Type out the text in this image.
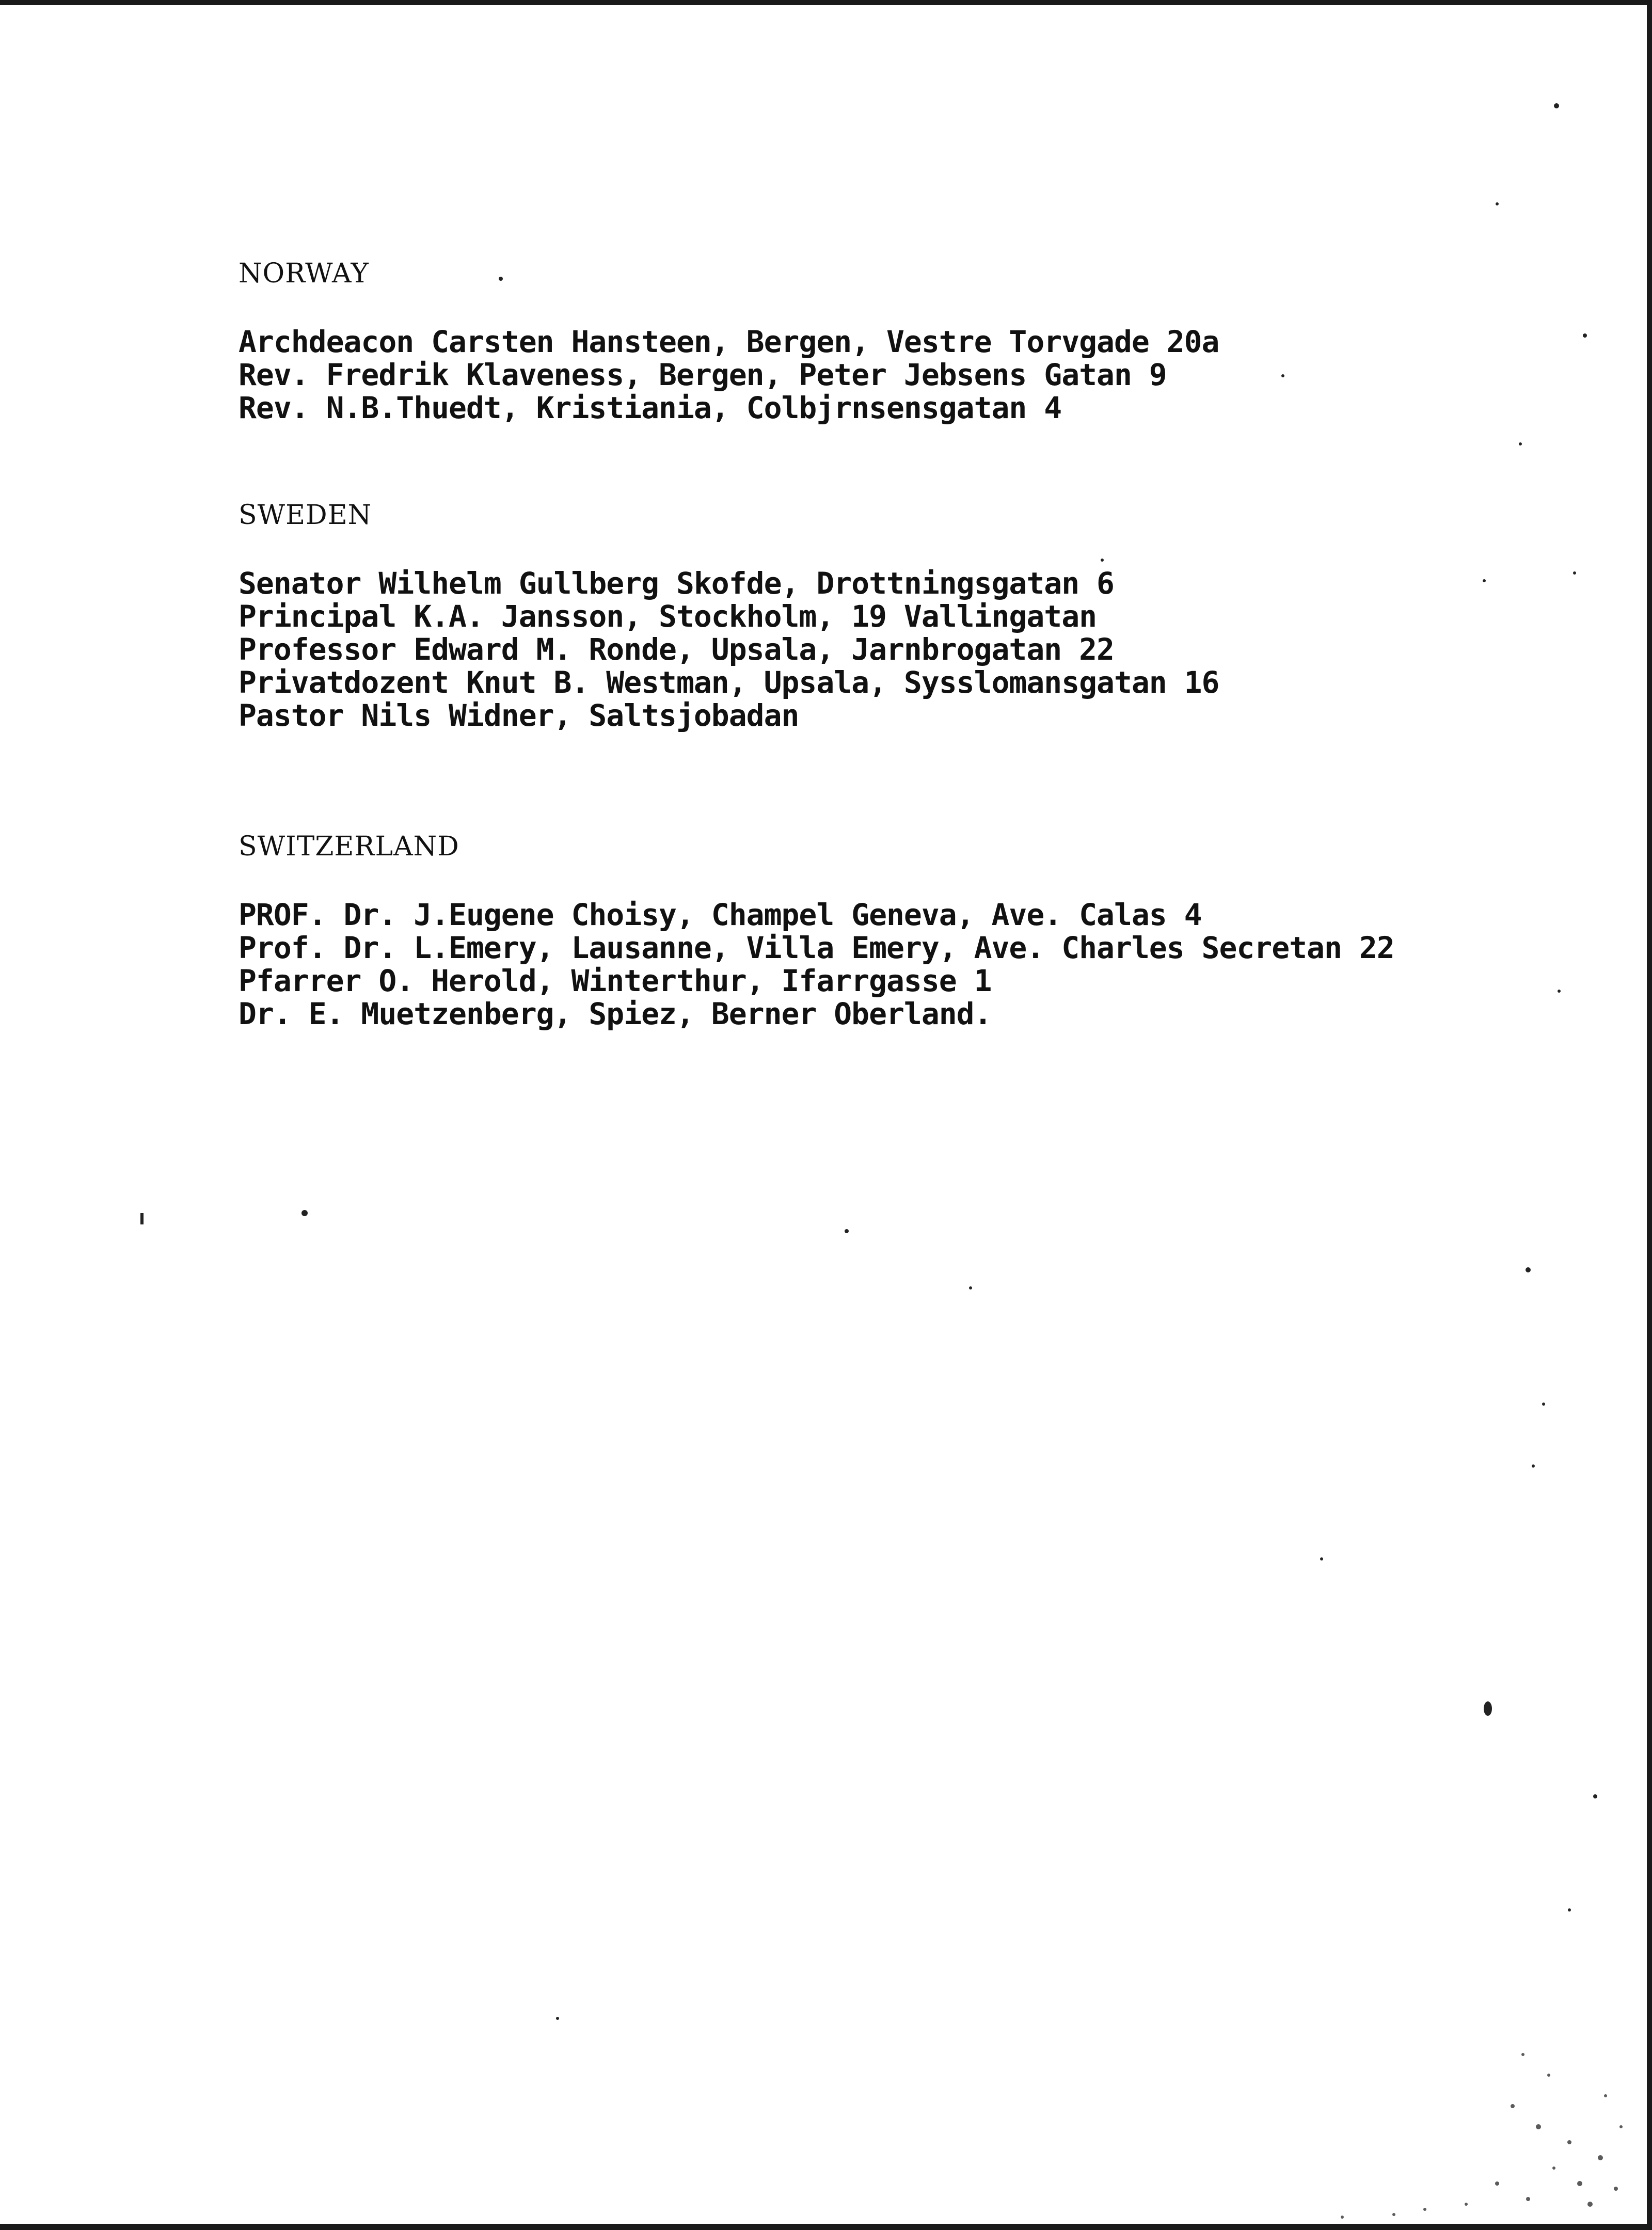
NORWAY
Archdeacon Carsten Hansteen, Bergen, Vestre Torvgade 20a
Rev. Fredrik Klaveness, Bergen, Peter Jebsens Gatan 9
Rev. N.B.Thuedt, Kristiania, Colbjrnsensgatan 4
SWEDEN
Senator Wilhelm Gullberg Skofde, Drottningsgatan 6
Principal K.A. Jansson, Stockholm, 19 Vallingatan
Professor Edward M. Ronde, Upsala, Jarnbrogatan 22
Privatdozent Knut B. Westman, Upsala, Sysslomansgatan 16
Pastor Nils Widner, Saltsjobadan
SWITZERLAND
PROF. Dr. J.Eugene Choisy, Champel Geneva, Ave. Calas 4
Prof. Dr. L.Emery, Lausanne, Villa Emery, Ave. Charles Secretan 22
Pfarrer O. Herold, Winterthur, Ifarrgasse 1
Dr. E. Muetzenberg, Spiez, Berner Oberland.
